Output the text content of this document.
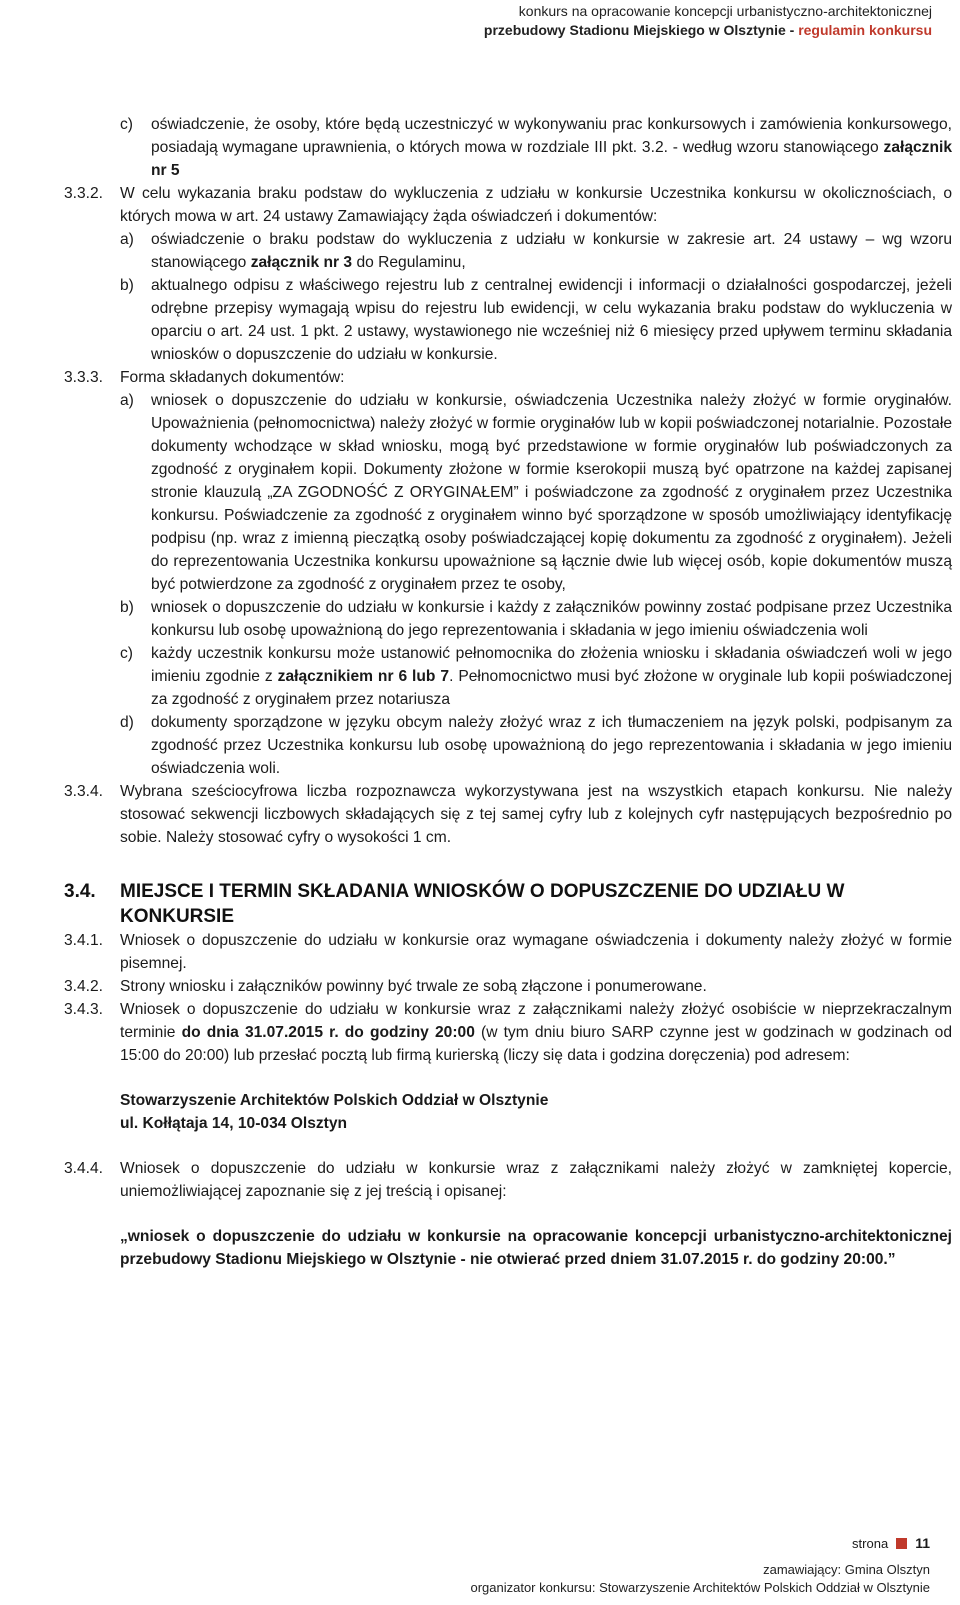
konkurs na opracowanie koncepcji urbanistyczno-architektonicznej
przebudowy Stadionu Miejskiego w Olsztynie - regulamin konkursu
c)	oświadczenie, że osoby, które będą uczestniczyć w wykonywaniu prac konkursowych i zamówienia konkursowego, posiadają wymagane uprawnienia, o których mowa w rozdziale III pkt. 3.2. - według wzoru stanowiącego załącznik nr 5

3.3.2.	W celu wykazania braku podstaw do wykluczenia z udziału w konkursie Uczestnika konkursu w okolicznościach, o których mowa w art. 24 ustawy Zamawiający żąda oświadczeń i dokumentów:

a)	oświadczenie o braku podstaw do wykluczenia z udziału w konkursie w zakresie art. 24 ustawy – wg wzoru stanowiącego załącznik nr 3 do Regulaminu,

b)	aktualnego odpisu z właściwego rejestru lub z centralnej ewidencji i informacji o działalności gospodarczej, jeżeli odrębne przepisy wymagają wpisu do rejestru lub ewidencji, w celu wykazania braku podstaw do wykluczenia w oparciu o art. 24 ust. 1 pkt. 2 ustawy, wystawionego nie wcześniej niż 6 miesięcy przed upływem terminu składania wniosków o dopuszczenie do udziału w konkursie.

3.3.3.	Forma składanych dokumentów:

a)	wniosek o dopuszczenie do udziału w konkursie, oświadczenia Uczestnika należy złożyć w formie oryginałów. Upoważnienia (pełnomocnictwa) należy złożyć w formie oryginałów lub w kopii poświadczonej notarialnie. Pozostałe dokumenty wchodzące w skład wniosku, mogą być przedstawione w formie oryginałów lub poświadczonych za zgodność z oryginałem kopii. Dokumenty złożone w formie kserokopii muszą być opatrzone na każdej zapisanej stronie klauzulą „ZA ZGODNOŚĆ Z ORYGINAŁEM” i poświadczone za zgodność z oryginałem przez Uczestnika konkursu. Poświadczenie za zgodność z oryginałem winno być sporządzone w sposób umożliwiający identyfikację podpisu (np. wraz z imienną pieczątką osoby poświadczającej kopię dokumentu za zgodność z oryginałem). Jeżeli do reprezentowania Uczestnika konkursu upoważnione są łącznie dwie lub więcej osób, kopie dokumentów muszą być potwierdzone za zgodność z oryginałem przez te osoby,

b)	wniosek o dopuszczenie do udziału w konkursie i każdy z załączników powinny zostać podpisane przez Uczestnika konkursu lub osobę upoważnioną do jego reprezentowania i składania w jego imieniu oświadczenia woli

c)	każdy uczestnik konkursu może ustanowić pełnomocnika do złożenia wniosku i składania oświadczeń woli w jego imieniu zgodnie z załącznikiem nr 6 lub 7. Pełnomocnictwo musi być złożone w oryginale lub kopii poświadczonej za zgodność z oryginałem przez notariusza

d)	dokumenty sporządzone w języku obcym należy złożyć wraz z ich tłumaczeniem na język polski, podpisanym za zgodność przez Uczestnika konkursu lub osobę upoważnioną do jego reprezentowania i składania w jego imieniu oświadczenia woli.

3.3.4.	Wybrana sześciocyfrowa liczba rozpoznawcza wykorzystywana jest na wszystkich etapach konkursu. Nie należy stosować sekwencji liczbowych składających się z tej samej cyfry lub z kolejnych cyfr następujących bezpośrednio po sobie. Należy stosować cyfry o wysokości 1 cm.

3.4.	MIEJSCE I TERMIN SKŁADANIA WNIOSKÓW O DOPUSZCZENIE DO UDZIAŁU W KONKURSIE
3.4.1.	Wniosek o dopuszczenie do udziału w konkursie oraz wymagane oświadczenia i dokumenty należy złożyć w formie pisemnej.

3.4.2.	Strony wniosku i załączników powinny być trwale ze sobą złączone i ponumerowane.

3.4.3.	Wniosek o dopuszczenie do udziału w konkursie wraz z załącznikami należy złożyć osobiście w nieprzekraczalnym terminie do dnia 31.07.2015 r. do godziny 20:00 (w tym dniu biuro SARP czynne jest w godzinach w godzinach od 15:00 do 20:00) lub przesłać pocztą lub firmą kurierską (liczy się data i godzina doręczenia) pod adresem:

Stowarzyszenie Architektów Polskich Oddział w Olsztynie

ul. Kołłątaja 14, 10-034 Olsztyn

3.4.4.	Wniosek o dopuszczenie do udziału w konkursie wraz z załącznikami należy złożyć w zamkniętej kopercie, uniemożliwiającej zapoznanie się z jej treścią i opisanej:

„wniosek o dopuszczenie do udziału w konkursie na opracowanie koncepcji urbanistyczno-architektonicznej przebudowy Stadionu Miejskiego w Olsztynie - nie otwierać przed dniem 31.07.2015 r. do godziny 20:00.”

strona 11
zamawiający: Gmina Olsztyn
organizator konkursu: Stowarzyszenie Architektów Polskich Oddział w Olsztynie
